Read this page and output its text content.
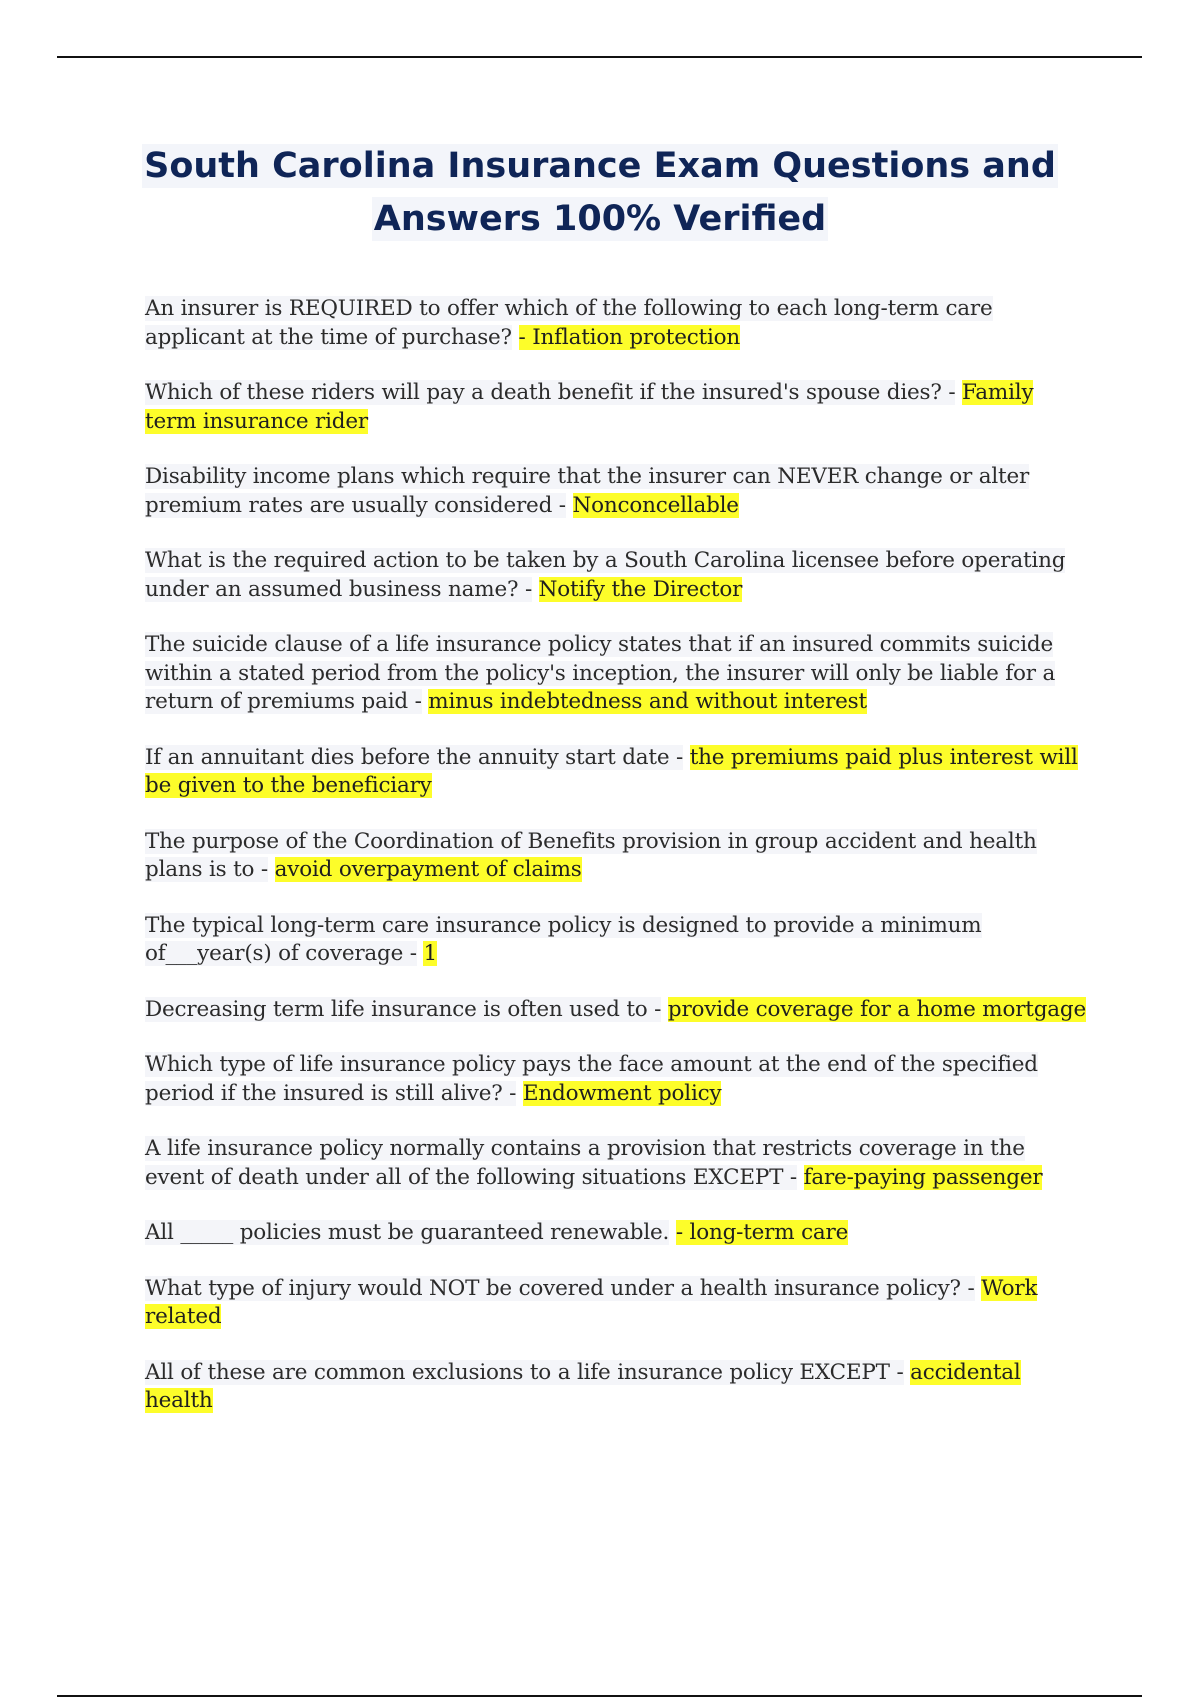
South Carolina Insurance Exam Questions and
Answers 100% Verified

An insurer is REQUIRED to offer which of the following to each long-term care applicant at the time of purchase? - Inflation protection

Which of these riders will pay a death benefit if the insured's spouse dies? - Family term insurance rider

Disability income plans which require that the insurer can NEVER change or alter premium rates are usually considered - Nonconcellable

What is the required action to be taken by a South Carolina licensee before operating under an assumed business name? - Notify the Director

The suicide clause of a life insurance policy states that if an insured commits suicide within a stated period from the policy's inception, the insurer will only be liable for a return of premiums paid - minus indebtedness and without interest

If an annuitant dies before the annuity start date - the premiums paid plus interest will be given to the beneficiary

The purpose of the Coordination of Benefits provision in group accident and health plans is to - avoid overpayment of claims

The typical long-term care insurance policy is designed to provide a minimum of___year(s) of coverage - 1

Decreasing term life insurance is often used to - provide coverage for a home mortgage

Which type of life insurance policy pays the face amount at the end of the specified period if the insured is still alive? - Endowment policy

A life insurance policy normally contains a provision that restricts coverage in the event of death under all of the following situations EXCEPT - fare-paying passenger

All _____ policies must be guaranteed renewable. - long-term care

What type of injury would NOT be covered under a health insurance policy? - Work related

All of these are common exclusions to a life insurance policy EXCEPT - accidental health
